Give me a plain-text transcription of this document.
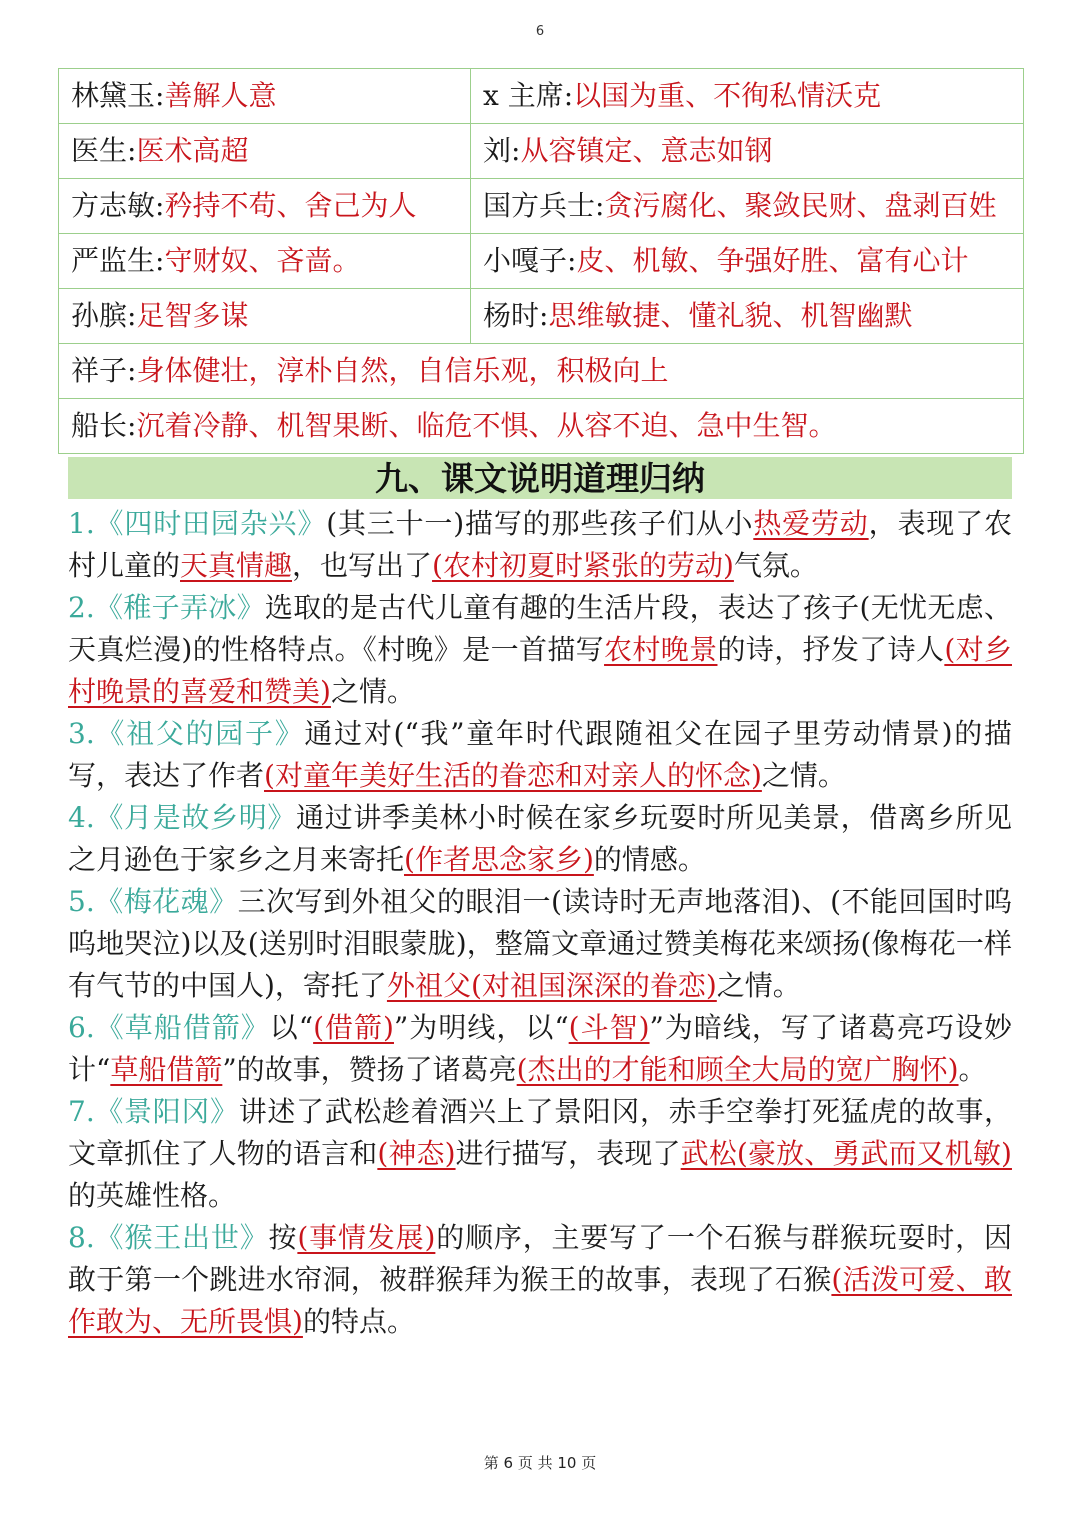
6
林黛玉:善解人意	x 主席:以国为重、不徇私情沃克
医生:医术高超	刘:从容镇定、意志如钢
方志敏:矜持不苟、舍己为人	国方兵士:贪污腐化、聚敛民财、盘剥百姓
严监生:守财奴、吝啬。	小嘎子:皮、机敏、争强好胜、富有心计
孙膑:足智多谋	杨时:思维敏捷、懂礼貌、机智幽默
祥子:身体健壮，淳朴自然，自信乐观，积极向上	
船长:沉着冷静、机智果断、临危不惧、从容不迫、急中生智。	
九、课文说明道理归纳

1.《四时田园杂兴》(其三十一)描写的那些孩子们从小热爱劳动，表现了农村儿童的天真情趣，也写出了(农村初夏时紧张的劳动)气氛。

2.《稚子弄冰》选取的是古代儿童有趣的生活片段，表达了孩子(无忧无虑、天真烂漫)的性格特点。《村晚》是一首描写农村晚景的诗，抒发了诗人(对乡村晚景的喜爱和赞美)之情。

3.《祖父的园子》通过对(“我”童年时代跟随祖父在园子里劳动情景)的描写，表达了作者(对童年美好生活的眷恋和对亲人的怀念)之情。

4.《月是故乡明》通过讲季美林小时候在家乡玩耍时所见美景，借离乡所见之月逊色于家乡之月来寄托(作者思念家乡)的情感。

5.《梅花魂》三次写到外祖父的眼泪一(读诗时无声地落泪)、(不能回国时呜呜地哭泣)以及(送别时泪眼蒙胧)，整篇文章通过赞美梅花来颂扬(像梅花一样有气节的中国人)，寄托了外祖父(对祖国深深的眷恋)之情。

6.《草船借箭》以“(借箭)”为明线，以“(斗智)”为暗线，写了诸葛亮巧设妙计“草船借箭”的故事，赞扬了诸葛亮(杰出的才能和顾全大局的宽广胸怀)。

7.《景阳冈》讲述了武松趁着酒兴上了景阳冈，赤手空拳打死猛虎的故事，文章抓住了人物的语言和(神态)进行描写，表现了武松(豪放、勇武而又机敏)的英雄性格。

8.《猴王出世》按(事情发展)的顺序，主要写了一个石猴与群猴玩耍时，因敢于第一个跳进水帘洞，被群猴拜为猴王的故事，表现了石猴(活泼可爱、敢作敢为、无所畏惧)的特点。

第 6 页 共 10 页
